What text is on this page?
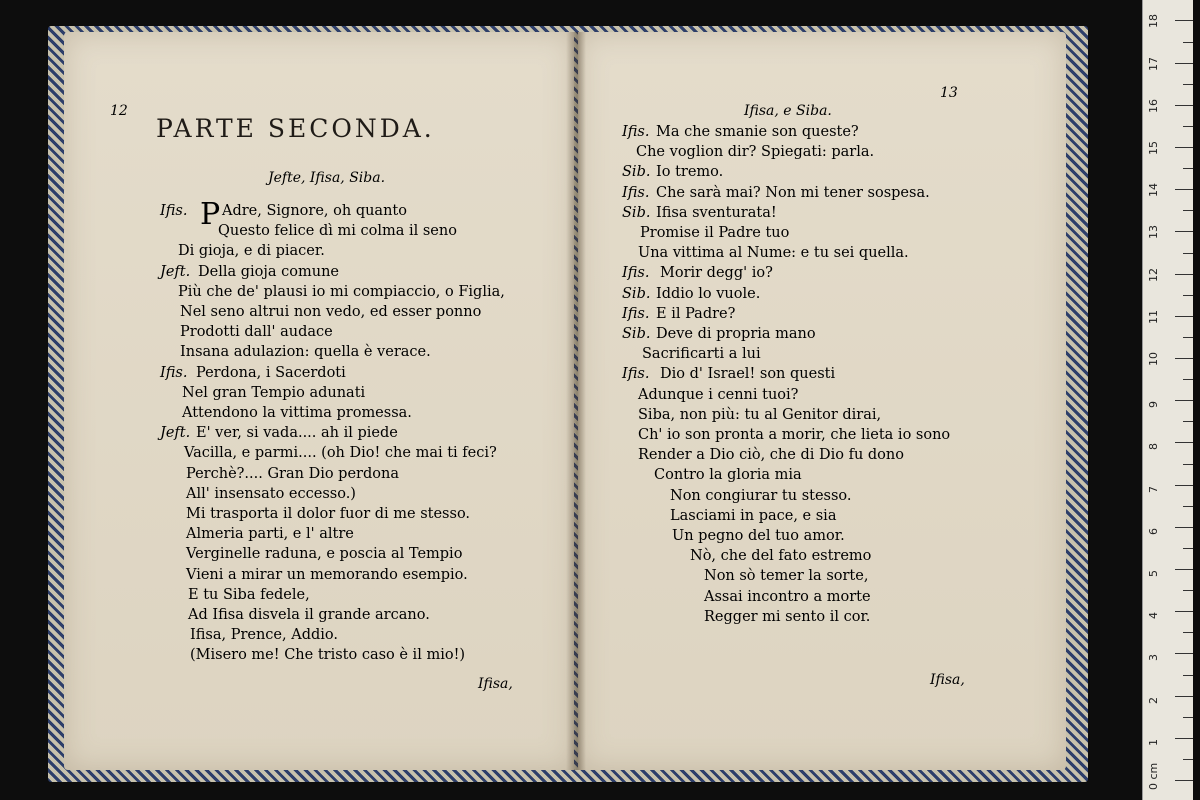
12
PARTE SECONDA.
Jefte, Ifisa, Siba.
Ifis. P Adre, Signore, oh quanto
Questo felice dì mi colma il seno
Di gioja, e di piacer.
Jeft. Della gioja comune
Più che de' plausi io mi compiaccio, o Figlia,
Nel seno altrui non vedo, ed esser ponno
Prodotti dall' audace
Insana adulazion: quella è verace.
Ifis. Perdona, i Sacerdoti
Nel gran Tempio adunati
Attendono la vittima promessa.
Jeft. E' ver, si vada.... ah il piede
Vacilla, e parmi.... (oh Dio! che mai ti feci?
Perchè?.... Gran Dio perdona
All' insensato eccesso.)
Mi trasporta il dolor fuor di me stesso.
Almeria parti, e l' altre
Verginelle raduna, e poscia al Tempio
Vieni a mirar un memorando esempio.
E tu Siba fedele,
Ad Ifisa disvela il grande arcano.
Ifisa, Prence, Addio.
(Misero me! Che tristo caso è il mio!)
Ifisa,
13
Ifisa, e Siba.
Ifis. Ma che smanie son queste?
Che voglion dir? Spiegati: parla.
Sib. Io tremo.
Ifis. Che sarà mai? Non mi tener sospesa.
Sib. Ifisa sventurata!
Promise il Padre tuo
Una vittima al Nume: e tu sei quella.
Ifis. Morir degg' io?
Sib. Iddio lo vuole.
Ifis. E il Padre?
Sib. Deve di propria mano
Sacrificarti a lui
Ifis. Dio d' Israel! son questi
Adunque i cenni tuoi?
Siba, non più: tu al Genitor dirai,
Ch' io son pronta a morir, che lieta io sono
Render a Dio ciò, che di Dio fu dono
Contro la gloria mia
Non congiurar tu stesso.
Lasciami in pace, e sia
Un pegno del tuo amor.
Nò, che del fato estremo
Non sò temer la sorte,
Assai incontro a morte
Regger mi sento il cor.
Ifisa,
0 cm
1
2
3
4
5
6
7
8
9
10
11
12
13
14
15
16
17
18
